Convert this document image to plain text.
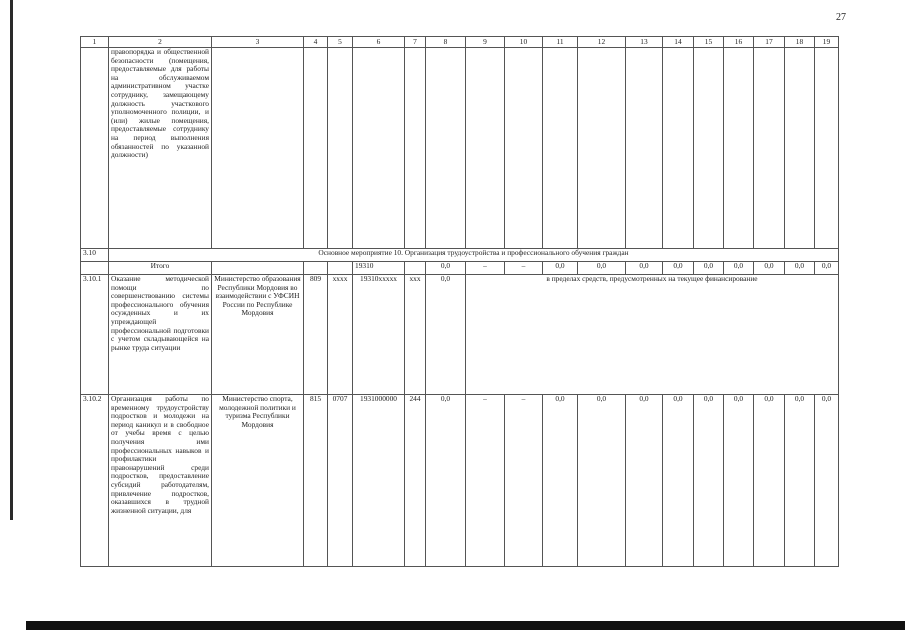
27
1	2	3	4	5	6	7	8	9	10	11	12	13	14	15	16	17	18	19
	правопорядка и общественной безопасности (помещения, предоставляемые для работы на обслуживаемом административном участке сотруднику, замещающему должность участкового уполномоченного полиции, и (или) жилые помещения, предоставляемые сотруднику на период выполнения обязанностей по указанной должности)																	
3.10	Основное мероприятие 10. Организация трудоустройства и профессионального обучения граждан																	
	Итого				19310		0,0	–	–	0,0	0,0	0,0	0,0	0,0	0,0	0,0	0,0	0,0
3.10.1	Оказание методической помощи по совершенствованию системы профессионального обучения осужденных и их упреждающей профессиональной подготовки с учетом складывающейся на рынке труда ситуации	Министерство образования Республики Мордовия во взаимодействии с УФСИН России по Республике Мордовия	809	xxxx	19310xxxxx	xxx	0,0	в пределах средств, предусмотренных на текущее финансирование										
3.10.2	Организация работы по временному трудоустройству подростков и молодежи на период каникул и в свободное от учебы время с целью получения ими профессиональных навыков и профилактики правонарушений среди подростков, предоставление субсидий работодателям, привлечение подростков, оказавшихся в трудной жизненной ситуации, для	Министерство спорта, молодежной политики и туризма Республики Мордовия	815	0707	1931000000	244	0,0	–	–	0,0	0,0	0,0	0,0	0,0	0,0	0,0	0,0	0,0
